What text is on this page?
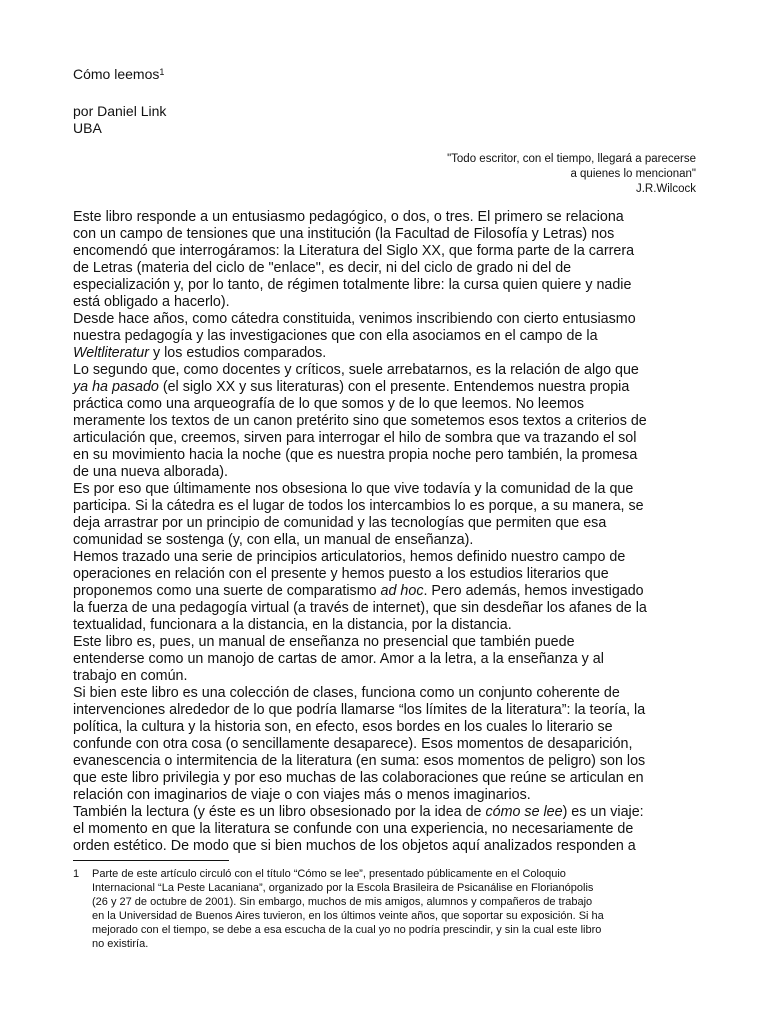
Cómo leemos$^1$
por Daniel Link
UBA
"Todo escritor, con el tiempo, llegará a parecerse
a quienes lo mencionan"
J.R.Wilcock

Este libro responde a un entusiasmo pedagógico, o dos, o tres. El primero se relaciona
con un campo de tensiones que una institución (la Facultad de Filosofía y Letras) nos
encomendó que interrogáramos: la Literatura del Siglo XX, que forma parte de la carrera
de Letras (materia del ciclo de "enlace", es decir, ni del ciclo de grado ni del de
especialización y, por lo tanto, de régimen totalmente libre: la cursa quien quiere y nadie
está obligado a hacerlo).

Desde hace años, como cátedra constituida, venimos inscribiendo con cierto entusiasmo
nuestra pedagogía y las investigaciones que con ella asociamos en el campo de la
Weltliteratur y los estudios comparados.

Lo segundo que, como docentes y críticos, suele arrebatarnos, es la relación de algo que
ya ha pasado (el siglo XX y sus literaturas) con el presente. Entendemos nuestra propia
práctica como una arqueografía de lo que somos y de lo que leemos. No leemos
meramente los textos de un canon pretérito sino que sometemos esos textos a criterios de
articulación que, creemos, sirven para interrogar el hilo de sombra que va trazando el sol
en su movimiento hacia la noche (que es nuestra propia noche pero también, la promesa
de una nueva alborada).

Es por eso que últimamente nos obsesiona lo que vive todavía y la comunidad de la que
participa. Si la cátedra es el lugar de todos los intercambios lo es porque, a su manera, se
deja arrastrar por un principio de comunidad y las tecnologías que permiten que esa
comunidad se sostenga (y, con ella, un manual de enseñanza).

Hemos trazado una serie de principios articulatorios, hemos definido nuestro campo de
operaciones en relación con el presente y hemos puesto a los estudios literarios que
proponemos como una suerte de comparatismo ad hoc. Pero además, hemos investigado
la fuerza de una pedagogía virtual (a través de internet), que sin desdeñar los afanes de la
textualidad, funcionara a la distancia, en la distancia, por la distancia.

Este libro es, pues, un manual de enseñanza no presencial que también puede
entenderse como un manojo de cartas de amor. Amor a la letra, a la enseñanza y al
trabajo en común.

Si bien este libro es una colección de clases, funciona como un conjunto coherente de
intervenciones alrededor de lo que podría llamarse “los límites de la literatura”: la teoría, la
política, la cultura y la historia son, en efecto, esos bordes en los cuales lo literario se
confunde con otra cosa (o sencillamente desaparece). Esos momentos de desaparición,
evanescencia o intermitencia de la literatura (en suma: esos momentos de peligro) son los
que este libro privilegia y por eso muchas de las colaboraciones que reúne se articulan en
relación con imaginarios de viaje o con viajes más o menos imaginarios.

También la lectura (y éste es un libro obsesionado por la idea de cómo se lee) es un viaje:
el momento en que la literatura se confunde con una experiencia, no necesariamente de
orden estético. De modo que si bien muchos de los objetos aquí analizados responden a

1 Parte de este artículo circuló con el título “Cómo se lee”, presentado públicamente en el Coloquio
Internacional “La Peste Lacaniana”, organizado por la Escola Brasileira de Psicanálise en Florianópolis
(26 y 27 de octubre de 2001). Sin embargo, muchos de mis amigos, alumnos y compañeros de trabajo
en la Universidad de Buenos Aires tuvieron, en los últimos veinte años, que soportar su exposición. Si ha
mejorado con el tiempo, se debe a esa escucha de la cual yo no podría prescindir, y sin la cual este libro
no existiría.
